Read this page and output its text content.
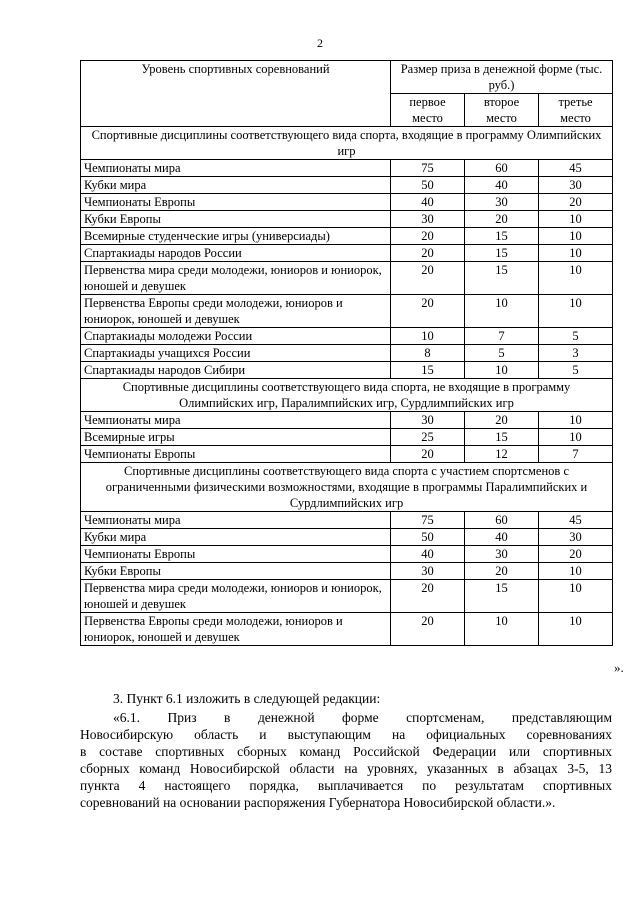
2
Уровень спортивных соревнований	Размер приза в денежной форме (тыс. руб.)		
	первое место	второе место	третье место
Спортивные дисциплины соответствующего вида спорта, входящие в программу Олимпийских игр			
Чемпионаты мира	75	60	45
Кубки мира	50	40	30
Чемпионаты Европы	40	30	20
Кубки Европы	30	20	10
Всемирные студенческие игры (универсиады)	20	15	10
Спартакиады народов России	20	15	10
Первенства мира среди молодежи, юниоров и юниорок, юношей и девушек	20	15	10
Первенства Европы среди молодежи, юниоров и юниорок, юношей и девушек	20	10	10
Спартакиады молодежи России	10	7	5
Спартакиады учащихся России	8	5	3
Спартакиады народов Сибири	15	10	5
Спортивные дисциплины соответствующего вида спорта, не входящие в программу Олимпийских игр, Паралимпийских игр, Сурдлимпийских игр			
Чемпионаты мира	30	20	10
Всемирные игры	25	15	10
Чемпионаты Европы	20	12	7
Спортивные дисциплины соответствующего вида спорта с участием спортсменов с ограниченными физическими возможностями, входящие в программы Паралимпийских и Сурдлимпийских игр			
Чемпионаты мира	75	60	45
Кубки мира	50	40	30
Чемпионаты Европы	40	30	20
Кубки Европы	30	20	10
Первенства мира среди молодежи, юниоров и юниорок, юношей и девушек	20	15	10
Первенства Европы среди молодежи, юниоров и юниорок, юношей и девушек	20	10	10
».
3. Пункт 6.1 изложить в следующей редакции:
«6.1. Приз в денежной форме спортсменам, представляющим
Новосибирскую область и выступающим на официальных соревнованиях
в составе спортивных сборных команд Российской Федерации или спортивных
сборных команд Новосибирской области на уровнях, указанных в абзацах 3-5, 13
пункта 4 настоящего порядка, выплачивается по результатам спортивных
соревнований на основании распоряжения Губернатора Новосибирской области.».
